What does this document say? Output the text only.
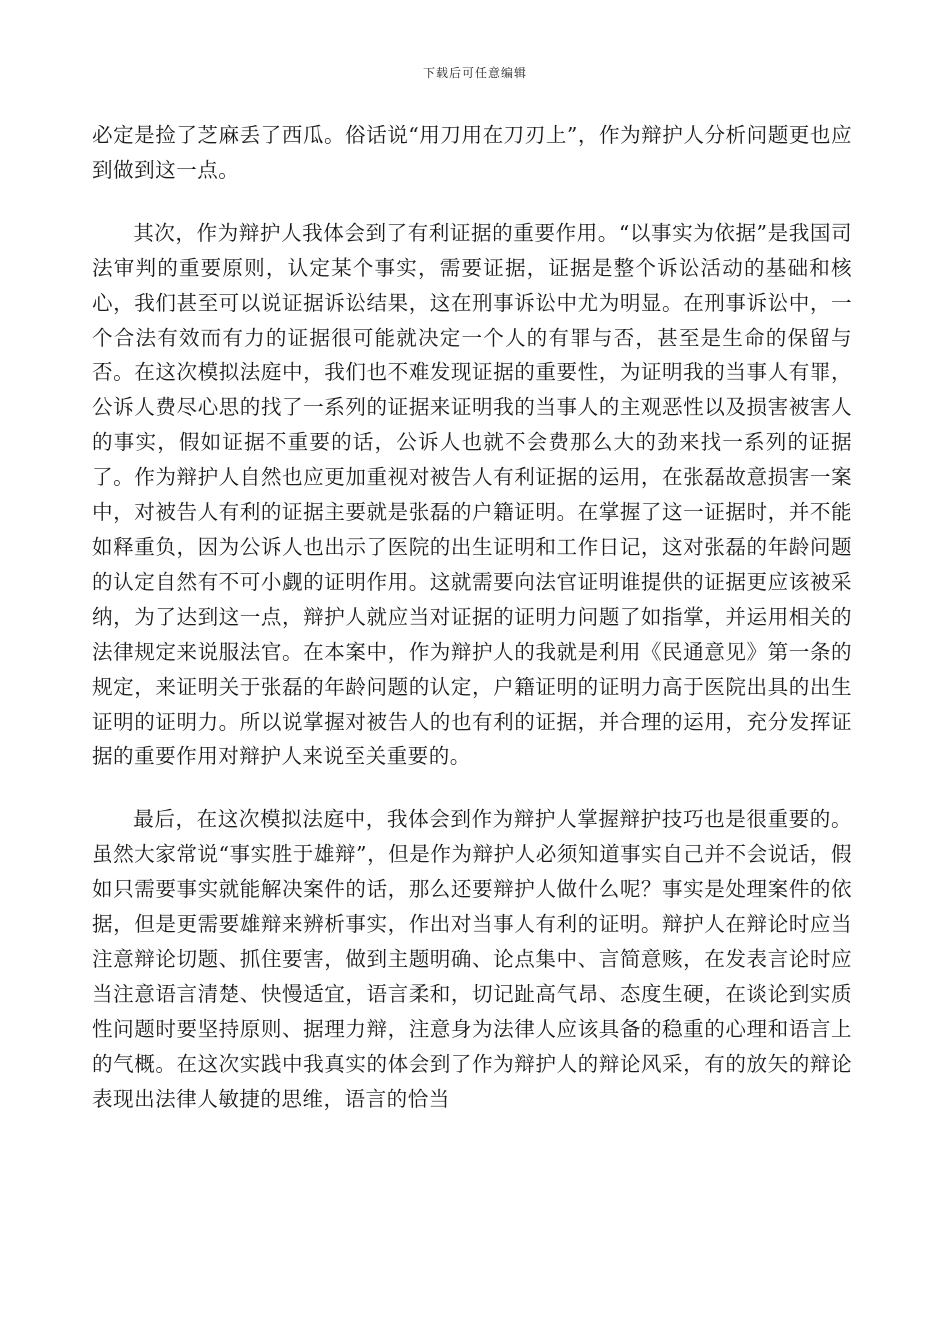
下载后可任意编辑

必定是捡了芝麻丢了西瓜。俗话说“用刀用在刀刃上”，作为辩护人分析问题更也应到做到这一点。

其次，作为辩护人我体会到了有利证据的重要作用。“以事实为依据”是我国司法审判的重要原则，认定某个事实，需要证据，证据是整个诉讼活动的基础和核心，我们甚至可以说证据诉讼结果，这在刑事诉讼中尤为明显。在刑事诉讼中，一个合法有效而有力的证据很可能就决定一个人的有罪与否，甚至是生命的保留与否。在这次模拟法庭中，我们也不难发现证据的重要性，为证明我的当事人有罪，公诉人费尽心思的找了一系列的证据来证明我的当事人的主观恶性以及损害被害人的事实，假如证据不重要的话，公诉人也就不会费那么大的劲来找一系列的证据了。作为辩护人自然也应更加重视对被告人有利证据的运用，在张磊故意损害一案中，对被告人有利的证据主要就是张磊的户籍证明。在掌握了这一证据时，并不能如释重负，因为公诉人也出示了医院的出生证明和工作日记，这对张磊的年龄问题的认定自然有不可小觑的证明作用。这就需要向法官证明谁提供的证据更应该被采纳，为了达到这一点，辩护人就应当对证据的证明力问题了如指掌，并运用相关的法律规定来说服法官。在本案中，作为辩护人的我就是利用《民通意见》第一条的规定，来证明关于张磊的年龄问题的认定，户籍证明的证明力高于医院出具的出生证明的证明力。所以说掌握对被告人的也有利的证据，并合理的运用，充分发挥证据的重要作用对辩护人来说至关重要的。

最后，在这次模拟法庭中，我体会到作为辩护人掌握辩护技巧也是很重要的。虽然大家常说“事实胜于雄辩”，但是作为辩护人必须知道事实自己并不会说话，假如只需要事实就能解决案件的话，那么还要辩护人做什么呢？事实是处理案件的依据，但是更需要雄辩来辨析事实，作出对当事人有利的证明。辩护人在辩论时应当注意辩论切题、抓住要害，做到主题明确、论点集中、言简意赅，在发表言论时应当注意语言清楚、快慢适宜，语言柔和，切记趾高气昂、态度生硬，在谈论到实质性问题时要坚持原则、据理力辩，注意身为法律人应该具备的稳重的心理和语言上的气概。在这次实践中我真实的体会到了作为辩护人的辩论风采，有的放矢的辩论表现出法律人敏捷的思维，语言的恰当
